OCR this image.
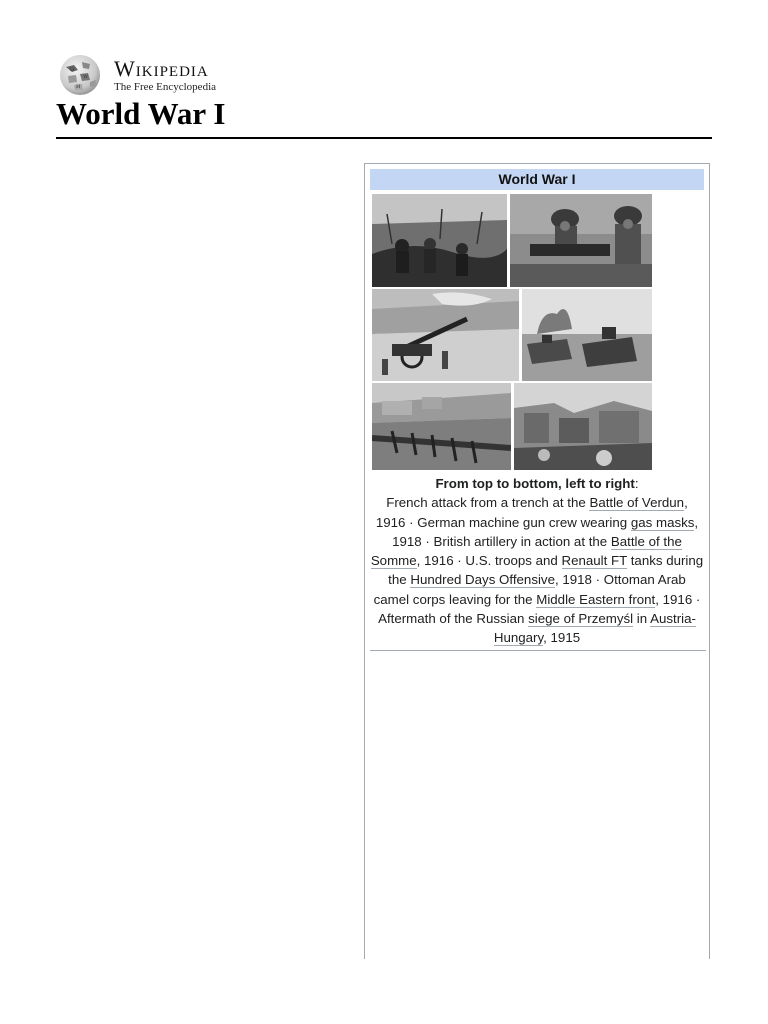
Ω
W
И
Wikipedia
The Free Encyclopedia
World War I
World War I
From top to bottom, left to right:
French attack from a trench at the Battle of Verdun, 1916 · German machine gun crew wearing gas masks, 1918 · British artillery in action at the Battle of the Somme, 1916 · U.S. troops and Renault FT tanks during the Hundred Days Offensive, 1918 · Ottoman Arab camel corps leaving for the Middle Eastern front, 1916 · Aftermath of the Russian siege of Przemyśl in Austria-Hungary, 1915
